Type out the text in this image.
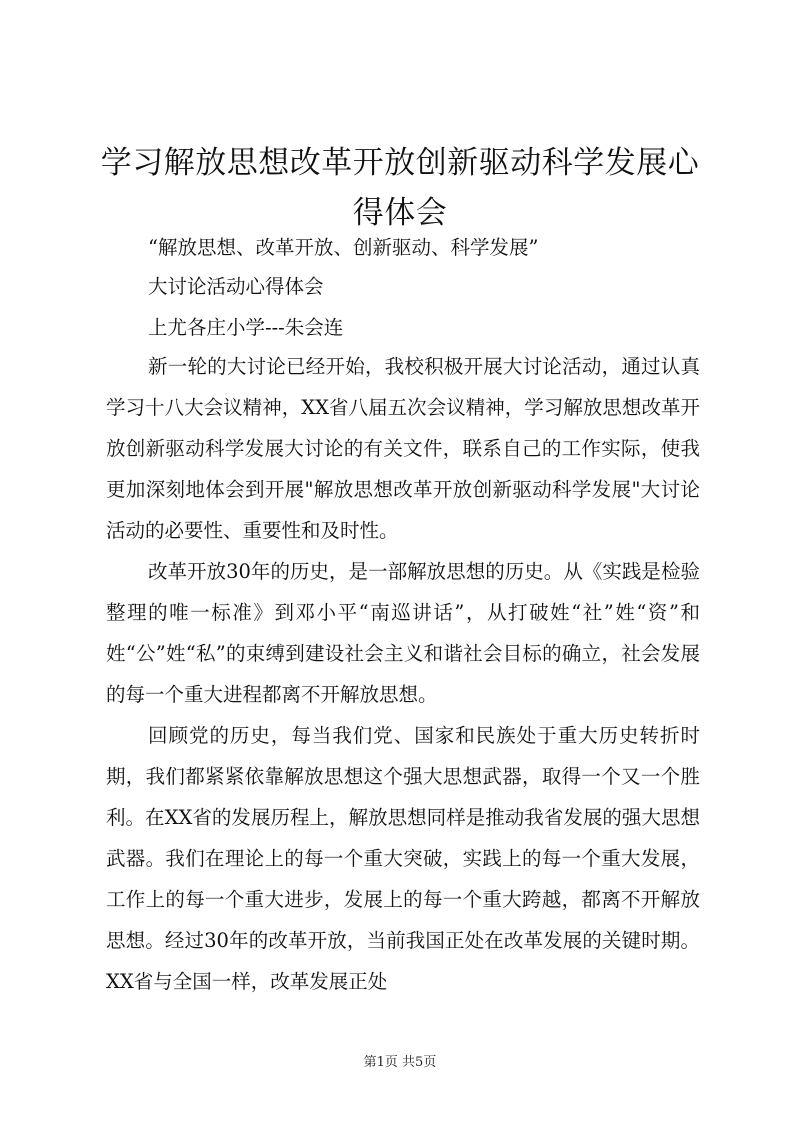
学习解放思想改革开放创新驱动科学发展心得体会

“解放思想、改革开放、创新驱动、科学发展”

大讨论活动心得体会

上尤各庄小学---朱会连

新一轮的大讨论已经开始，我校积极开展大讨论活动，通过认真学习十八大会议精神，XX省八届五次会议精神，学习解放思想改革开放创新驱动科学发展大讨论的有关文件，联系自己的工作实际，使我更加深刻地体会到开展"解放思想改革开放创新驱动科学发展"大讨论活动的必要性、重要性和及时性。

改革开放30年的历史，是一部解放思想的历史。从《实践是检验整理的唯一标准》到邓小平“南巡讲话”，从打破姓“社”姓“资”和姓“公”姓“私”的束缚到建设社会主义和谐社会目标的确立，社会发展的每一个重大进程都离不开解放思想。

回顾党的历史，每当我们党、国家和民族处于重大历史转折时期，我们都紧紧依靠解放思想这个强大思想武器，取得一个又一个胜利。在XX省的发展历程上，解放思想同样是推动我省发展的强大思想武器。我们在理论上的每一个重大突破，实践上的每一个重大发展，工作上的每一个重大进步，发展上的每一个重大跨越，都离不开解放思想。经过30年的改革开放，当前我国正处在改革发展的关键时期。XX省与全国一样，改革发展正处

第1页 共5页
